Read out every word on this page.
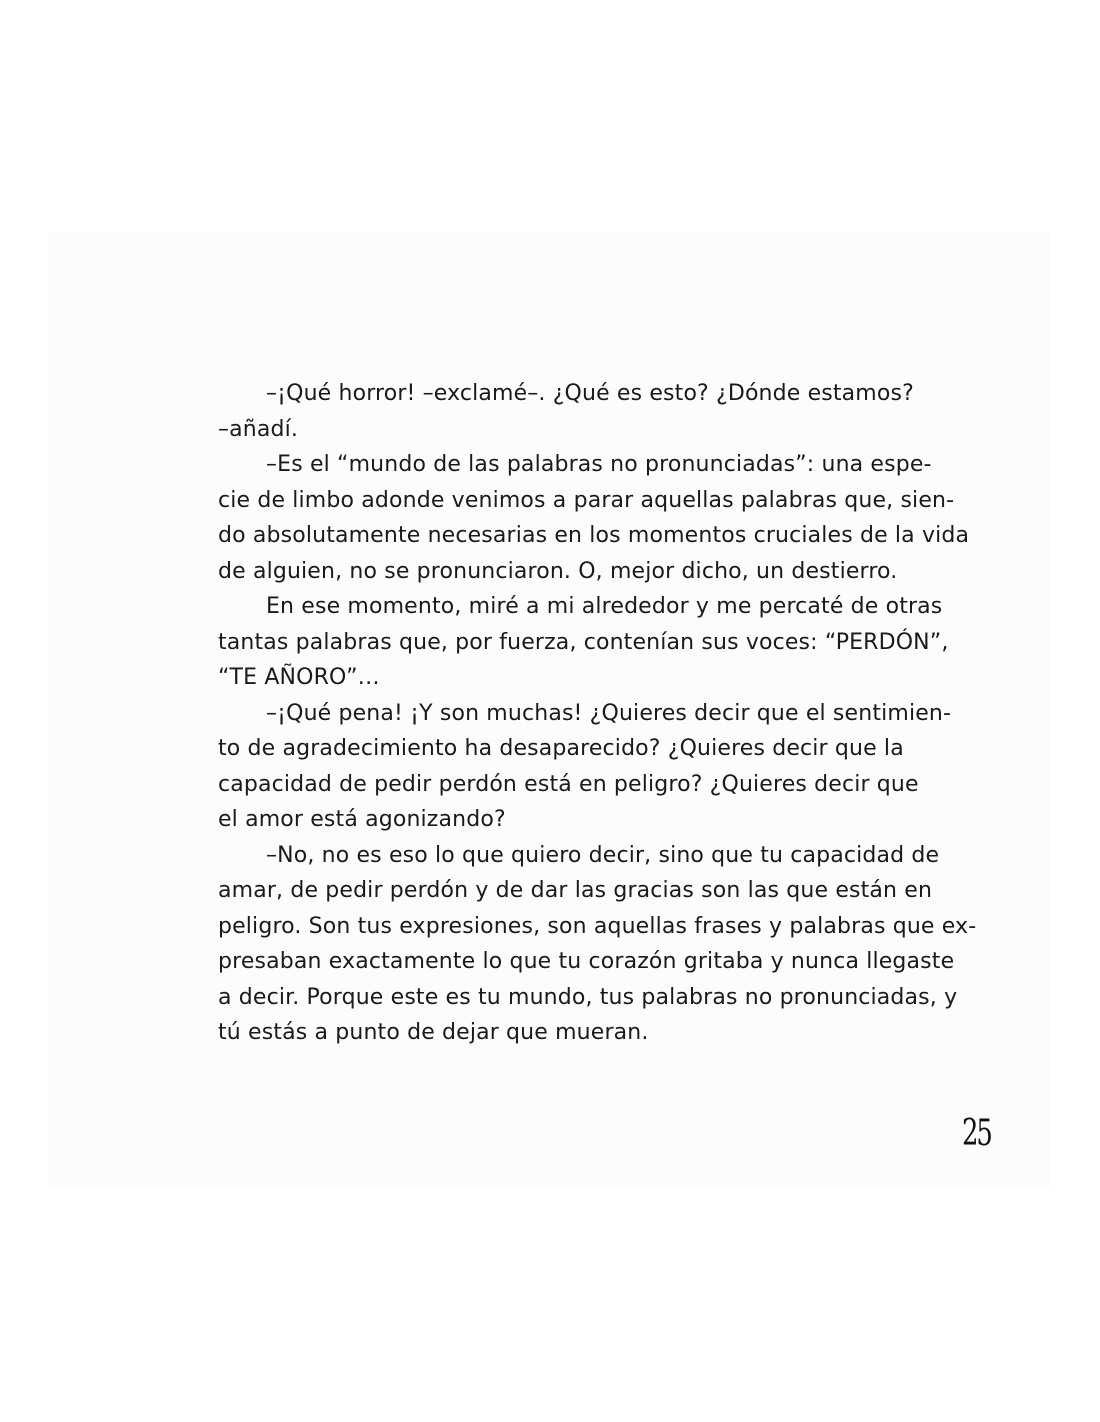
–¡Qué horror! –exclamé–. ¿Qué es esto? ¿Dónde estamos?
–añadí.
–Es el “mundo de las palabras no pronunciadas”: una espe-
cie de limbo adonde venimos a parar aquellas palabras que, sien-
do absolutamente necesarias en los momentos cruciales de la vida
de alguien, no se pronunciaron. O, mejor dicho, un destierro.
En ese momento, miré a mi alrededor y me percaté de otras
tantas palabras que, por fuerza, contenían sus voces: “PERDÓN”,
“TE AÑORO”…
–¡Qué pena! ¡Y son muchas! ¿Quieres decir que el sentimien-
to de agradecimiento ha desaparecido? ¿Quieres decir que la
capacidad de pedir perdón está en peligro? ¿Quieres decir que
el amor está agonizando?
–No, no es eso lo que quiero decir, sino que tu capacidad de
amar, de pedir perdón y de dar las gracias son las que están en
peligro. Son tus expresiones, son aquellas frases y palabras que ex-
presaban exactamente lo que tu corazón gritaba y nunca llegaste
a decir. Porque este es tu mundo, tus palabras no pronunciadas, y
tú estás a punto de dejar que mueran.
25
